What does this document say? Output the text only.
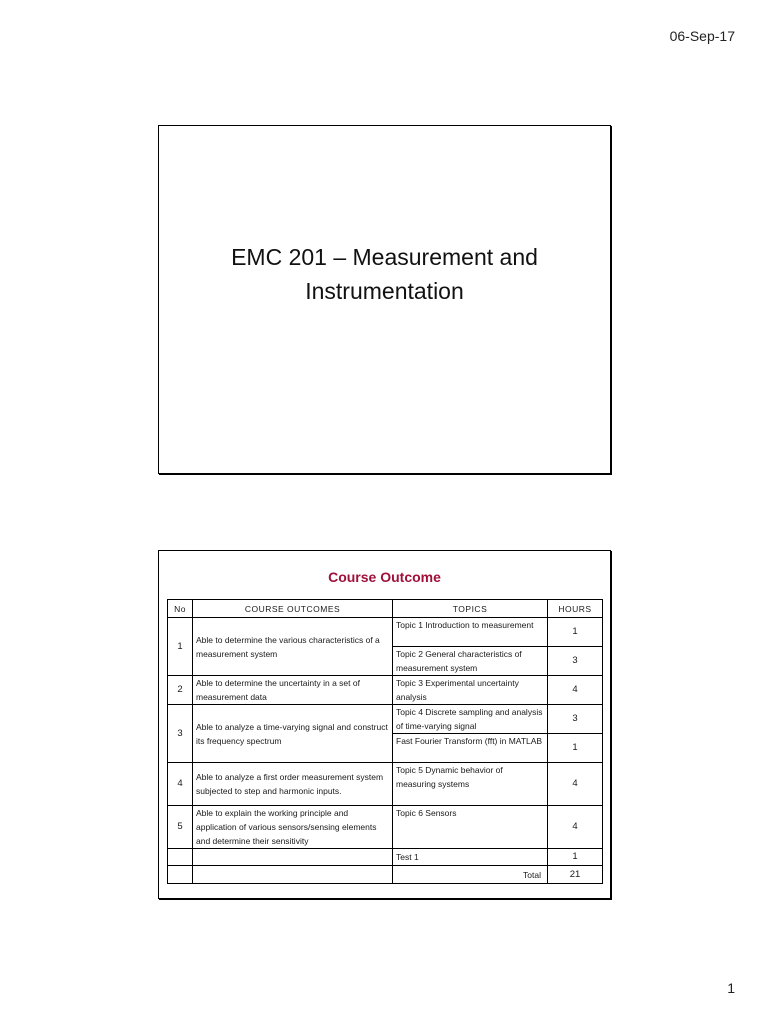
06-Sep-17
EMC 201 – Measurement and
Instrumentation
Course Outcome
No	COURSE OUTCOMES	TOPICS	HOURS
1	Able to determine the various characteristics of a measurement system	Topic 1 Introduction to measurement	1
		Topic 2 General characteristics of measurement system	3
2	Able to determine the uncertainty in a set of measurement data	Topic 3 Experimental uncertainty analysis	4
3	Able to analyze a time-varying signal and construct its frequency spectrum	Topic 4 Discrete sampling and analysis of time-varying signal	3
		Fast Fourier Transform (fft) in MATLAB	1
4	Able to analyze a first order measurement system subjected to step and harmonic inputs.	Topic 5 Dynamic behavior of measuring systems	4
5	Able to explain the working principle and application of various sensors/sensing elements and determine their sensitivity	Topic 6 Sensors	4
		Test 1	1
		Total	21
1
